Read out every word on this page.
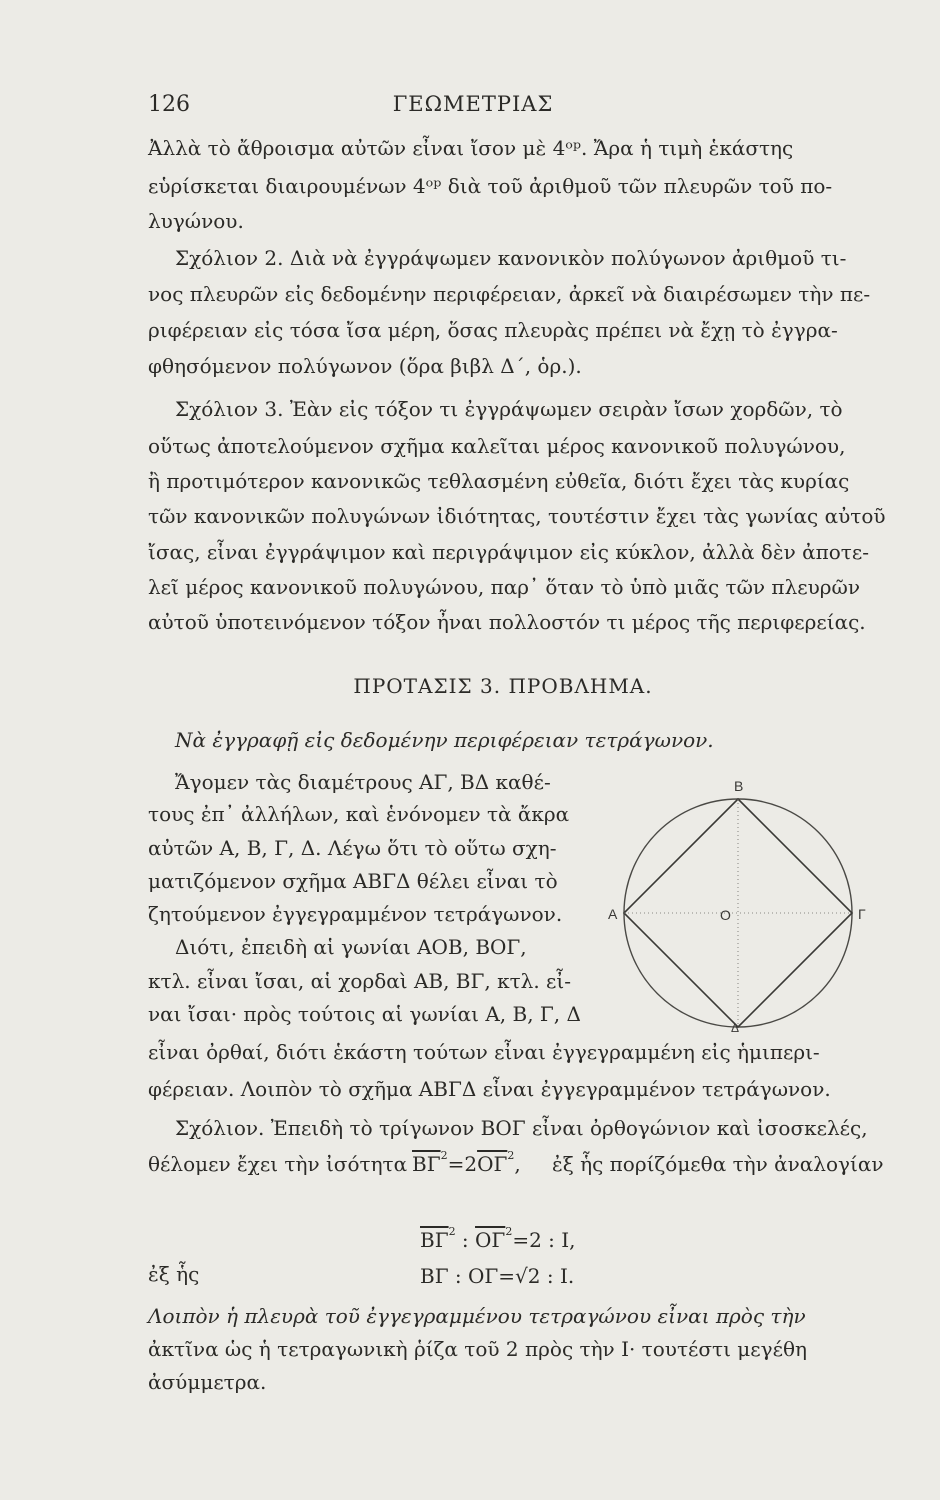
126	ΓΕΩΜΕΤΡΙΑΣ
Ἀλλὰ τὸ ἄθροισμα αὐτῶν εἶναι ἴσον μὲ 4ᵒᵖ. Ἄρα ἡ τιμὴ ἑκάστης
εὑρίσκεται διαιρουμένων 4ᵒᵖ διὰ τοῦ ἀριθμοῦ τῶν πλευρῶν τοῦ πο-
λυγώνου.
Σχόλιον 2. Διὰ νὰ ἐγγράψωμεν κανονικὸν πολύγωνον ἀριθμοῦ τι-
νος πλευρῶν εἰς δεδομένην περιφέρειαν, ἀρκεῖ νὰ διαιρέσωμεν τὴν πε-
ριφέρειαν εἰς τόσα ἴσα μέρη, ὅσας πλευρὰς πρέπει νὰ ἔχῃ τὸ ἐγγρα-
φθησόμενον πολύγωνον (ὅρα βιβλ Δ΄, ὁρ.).
Σχόλιον 3. Ἐὰν εἰς τόξον τι ἐγγράψωμεν σειρὰν ἴσων χορδῶν, τὸ
οὕτως ἀποτελούμενον σχῆμα καλεῖται μέρος κανονικοῦ πολυγώνου,
ἢ προτιμότερον κανονικῶς τεθλασμένη εὐθεῖα, διότι ἔχει τὰς κυρίας
τῶν κανονικῶν πολυγώνων ἰδιότητας, τουτέστιν ἔχει τὰς γωνίας αὐτοῦ
ἴσας, εἶναι ἐγγράψιμον καὶ περιγράψιμον εἰς κύκλον, ἀλλὰ δὲν ἀποτε-
λεῖ μέρος κανονικοῦ πολυγώνου, παρ᾽ ὅταν τὸ ὑπὸ μιᾶς τῶν πλευρῶν
αὐτοῦ ὑποτεινόμενον τόξον ἦναι πολλοστόν τι μέρος τῆς περιφερείας.
ΠΡΟΤΑΣΙΣ 3. ΠΡΟΒΛΗΜΑ.
Νὰ ἐγγραφῇ εἰς δεδομένην περιφέρειαν τετράγωνον.
Ἄγομεν τὰς διαμέτρους ΑΓ, ΒΔ καθέ-
τους ἐπ᾽ ἀλλήλων, καὶ ἑνόνομεν τὰ ἄκρα
αὐτῶν Α, Β, Γ, Δ. Λέγω ὅτι τὸ οὕτω σχη-
ματιζόμενον σχῆμα ΑΒΓΔ θέλει εἶναι τὸ
ζητούμενον ἐγγεγραμμένον τετράγωνον.
Διότι, ἐπειδὴ αἱ γωνίαι ΑΟΒ, ΒΟΓ,
κτλ. εἶναι ἴσαι, αἱ χορδαὶ ΑΒ, ΒΓ, κτλ. εἶ-
ναι ἴσαι· πρὸς τούτοις αἱ γωνίαι Α, Β, Γ, Δ
εἶναι ὀρθαί, διότι ἑκάστη τούτων εἶναι ἐγγεγραμμένη εἰς ἡμιπερι-
φέρειαν. Λοιπὸν τὸ σχῆμα ΑΒΓΔ εἶναι ἐγγεγραμμένον τετράγωνον.
Β
Α	Ο	Γ
Δ
Σχόλιον. Ἐπειδὴ τὸ τρίγωνον ΒΟΓ εἶναι ὀρθογώνιον καὶ ἰσοσκελές,
θέλομεν ἔχει τὴν ἰσότητα $\overline{B\Gamma}^2=2\overline{O\Gamma}^2$, ἐξ ἧς πορίζόμεθα τὴν ἀναλογίαν
$\overline{B\Gamma}^2$ : $\overline{O\Gamma}^2=2$ : Ι,
ἐξ ἧς	ΒΓ : ΟΓ=√2 : Ι.
Λοιπὸν ἡ πλευρὰ τοῦ ἐγγεγραμμένου τετραγώνου εἶναι πρὸς τὴν
ἀκτῖνα ὡς ἡ τετραγωνικὴ ῥίζα τοῦ 2 πρὸς τὴν Ι· τουτέστι μεγέθη
ἀσύμμετρα.
